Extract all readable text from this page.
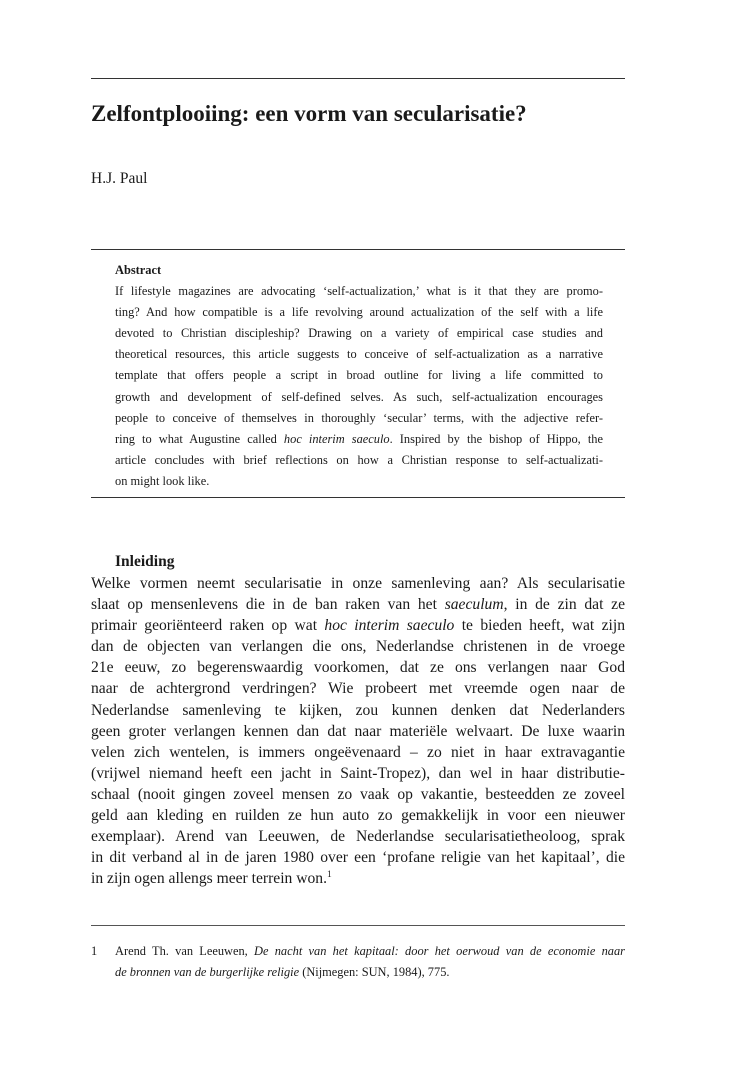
Zelfontplooiing: een vorm van secularisatie?
H.J. Paul
Abstract
If lifestyle magazines are advocating ‘self-actualization,’ what is it that they are promo-
ting? And how compatible is a life revolving around actualization of the self with a life
devoted to Christian discipleship? Drawing on a variety of empirical case studies and
theoretical resources, this article suggests to conceive of self-actualization as a narrative
template that offers people a script in broad outline for living a life committed to
growth and development of self-defined selves. As such, self-actualization encourages
people to conceive of themselves in thoroughly ‘secular’ terms, with the adjective refer-
ring to what Augustine called hoc interim saeculo. Inspired by the bishop of Hippo, the
article concludes with brief reflections on how a Christian response to self-actualizati-
on might look like.
Inleiding
Welke vormen neemt secularisatie in onze samenleving aan? Als secularisatie
slaat op mensenlevens die in de ban raken van het saeculum, in de zin dat ze
primair georiënteerd raken op wat hoc interim saeculo te bieden heeft, wat zijn
dan de objecten van verlangen die ons, Nederlandse christenen in de vroege
21e eeuw, zo begerenswaardig voorkomen, dat ze ons verlangen naar God
naar de achtergrond verdringen? Wie probeert met vreemde ogen naar de
Nederlandse samenleving te kijken, zou kunnen denken dat Nederlanders
geen groter verlangen kennen dan dat naar materiële welvaart. De luxe waarin
velen zich wentelen, is immers ongeëvenaard – zo niet in haar extravagantie
(vrijwel niemand heeft een jacht in Saint-Tropez), dan wel in haar distributie-
schaal (nooit gingen zoveel mensen zo vaak op vakantie, besteedden ze zoveel
geld aan kleding en ruilden ze hun auto zo gemakkelijk in voor een nieuwer
exemplaar). Arend van Leeuwen, de Nederlandse secularisatietheoloog, sprak
in dit verband al in de jaren 1980 over een ‘profane religie van het kapitaal’, die
in zijn ogen allengs meer terrein won.$^1$
1 Arend Th. van Leeuwen, De nacht van het kapitaal: door het oerwoud van de economie naar
de bronnen van de burgerlijke religie (Nijmegen: SUN, 1984), 775.
